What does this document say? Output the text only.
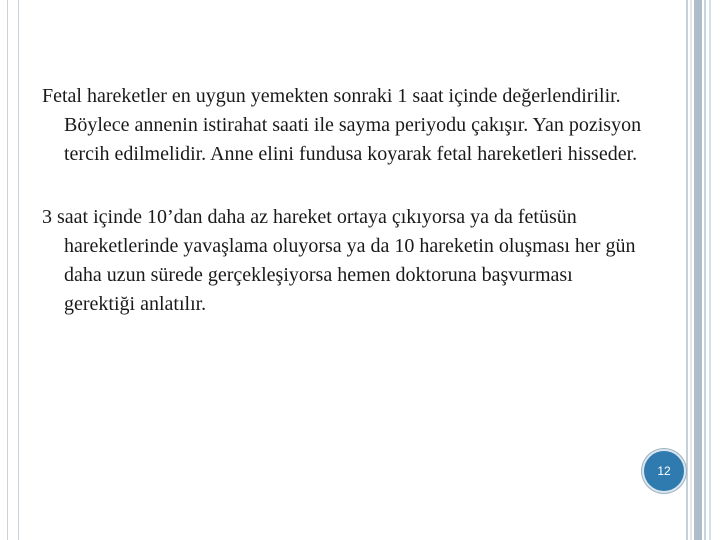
Fetal hareketler en uygun yemekten sonraki 1 saat içinde değerlendirilir. Böylece annenin istirahat saati ile sayma periyodu çakışır. Yan pozisyon tercih edilmelidir. Anne elini fundusa koyarak fetal hareketleri hisseder.

3 saat içinde 10’dan daha az hareket ortaya çıkıyorsa ya da fetüsün hareketlerinde yavaşlama oluyorsa ya da 10 hareketin oluşması her gün daha uzun sürede gerçekleşiyorsa hemen doktoruna başvurması gerektiği anlatılır.

12
